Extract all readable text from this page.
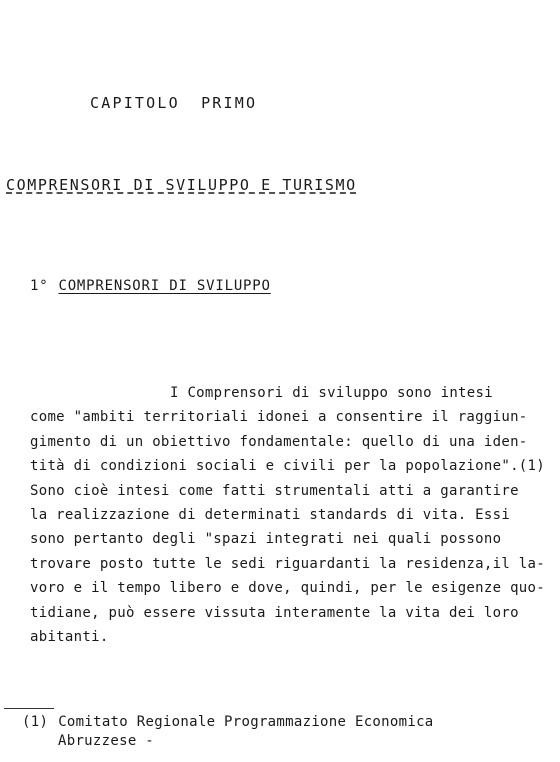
CAPITOLO PRIMO
COMPRENSORI DI SVILUPPO E TURISMO
1° COMPRENSORI DI SVILUPPO
I Comprensori di sviluppo sono intesi
come "ambiti territoriali idonei a consentire il raggiun-
gimento di un obiettivo fondamentale: quello di una iden-
tità di condizioni sociali e civili per la popolazione".(1)
Sono cioè intesi come fatti strumentali atti a garantire
la realizzazione di determinati standards di vita. Essi
sono pertanto degli "spazi integrati nei quali possono
trovare posto tutte le sedi riguardanti la residenza,il la-
voro e il tempo libero e dove, quindi, per le esigenze quo-
tidiane, può essere vissuta interamente la vita dei loro
abitanti.
(1) Comitato Regionale Programmazione Economica
Abruzzese -
